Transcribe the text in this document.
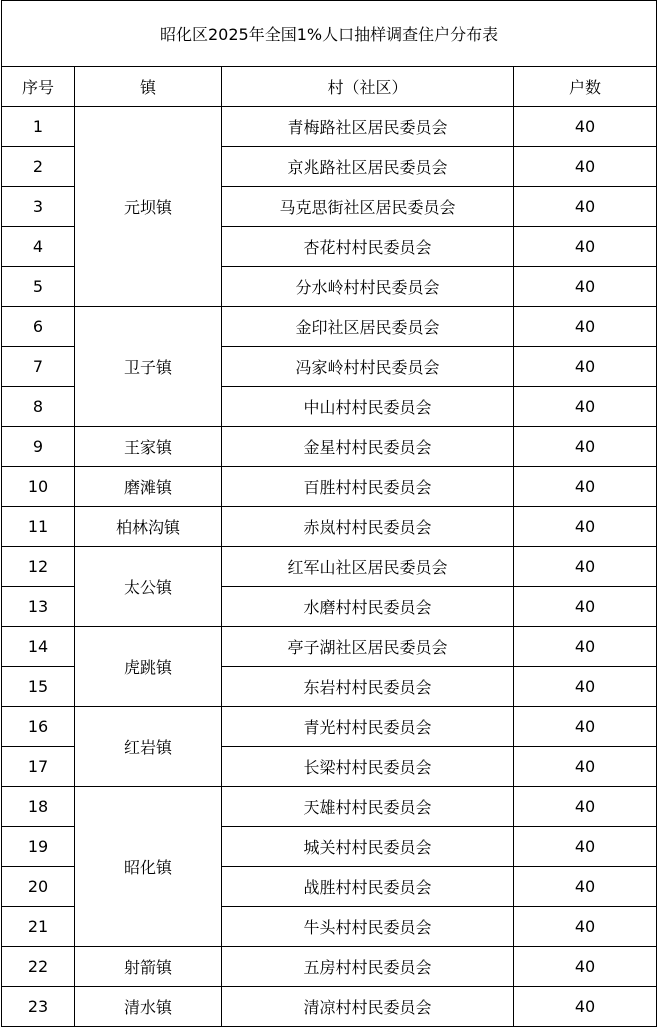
昭化区2025年全国1%人口抽样调查住户分布表			
序号	镇	村（社区）	户数
1	元坝镇	青梅路社区居民委员会	40
2		京兆路社区居民委员会	40
3		马克思街社区居民委员会	40
4		杏花村村民委员会	40
5		分水岭村村民委员会	40
6	卫子镇	金印社区居民委员会	40
7		冯家岭村村民委员会	40
8		中山村村民委员会	40
9	王家镇	金星村村民委员会	40
10	磨滩镇	百胜村村民委员会	40
11	柏林沟镇	赤岚村村民委员会	40
12	太公镇	红军山社区居民委员会	40
13		水磨村村民委员会	40
14	虎跳镇	亭子湖社区居民委员会	40
15		东岩村村民委员会	40
16	红岩镇	青光村村民委员会	40
17		长梁村村民委员会	40
18	昭化镇	天雄村村民委员会	40
19		城关村村民委员会	40
20		战胜村村民委员会	40
21		牛头村村民委员会	40
22	射箭镇	五房村村民委员会	40
23	清水镇	清凉村村民委员会	40
